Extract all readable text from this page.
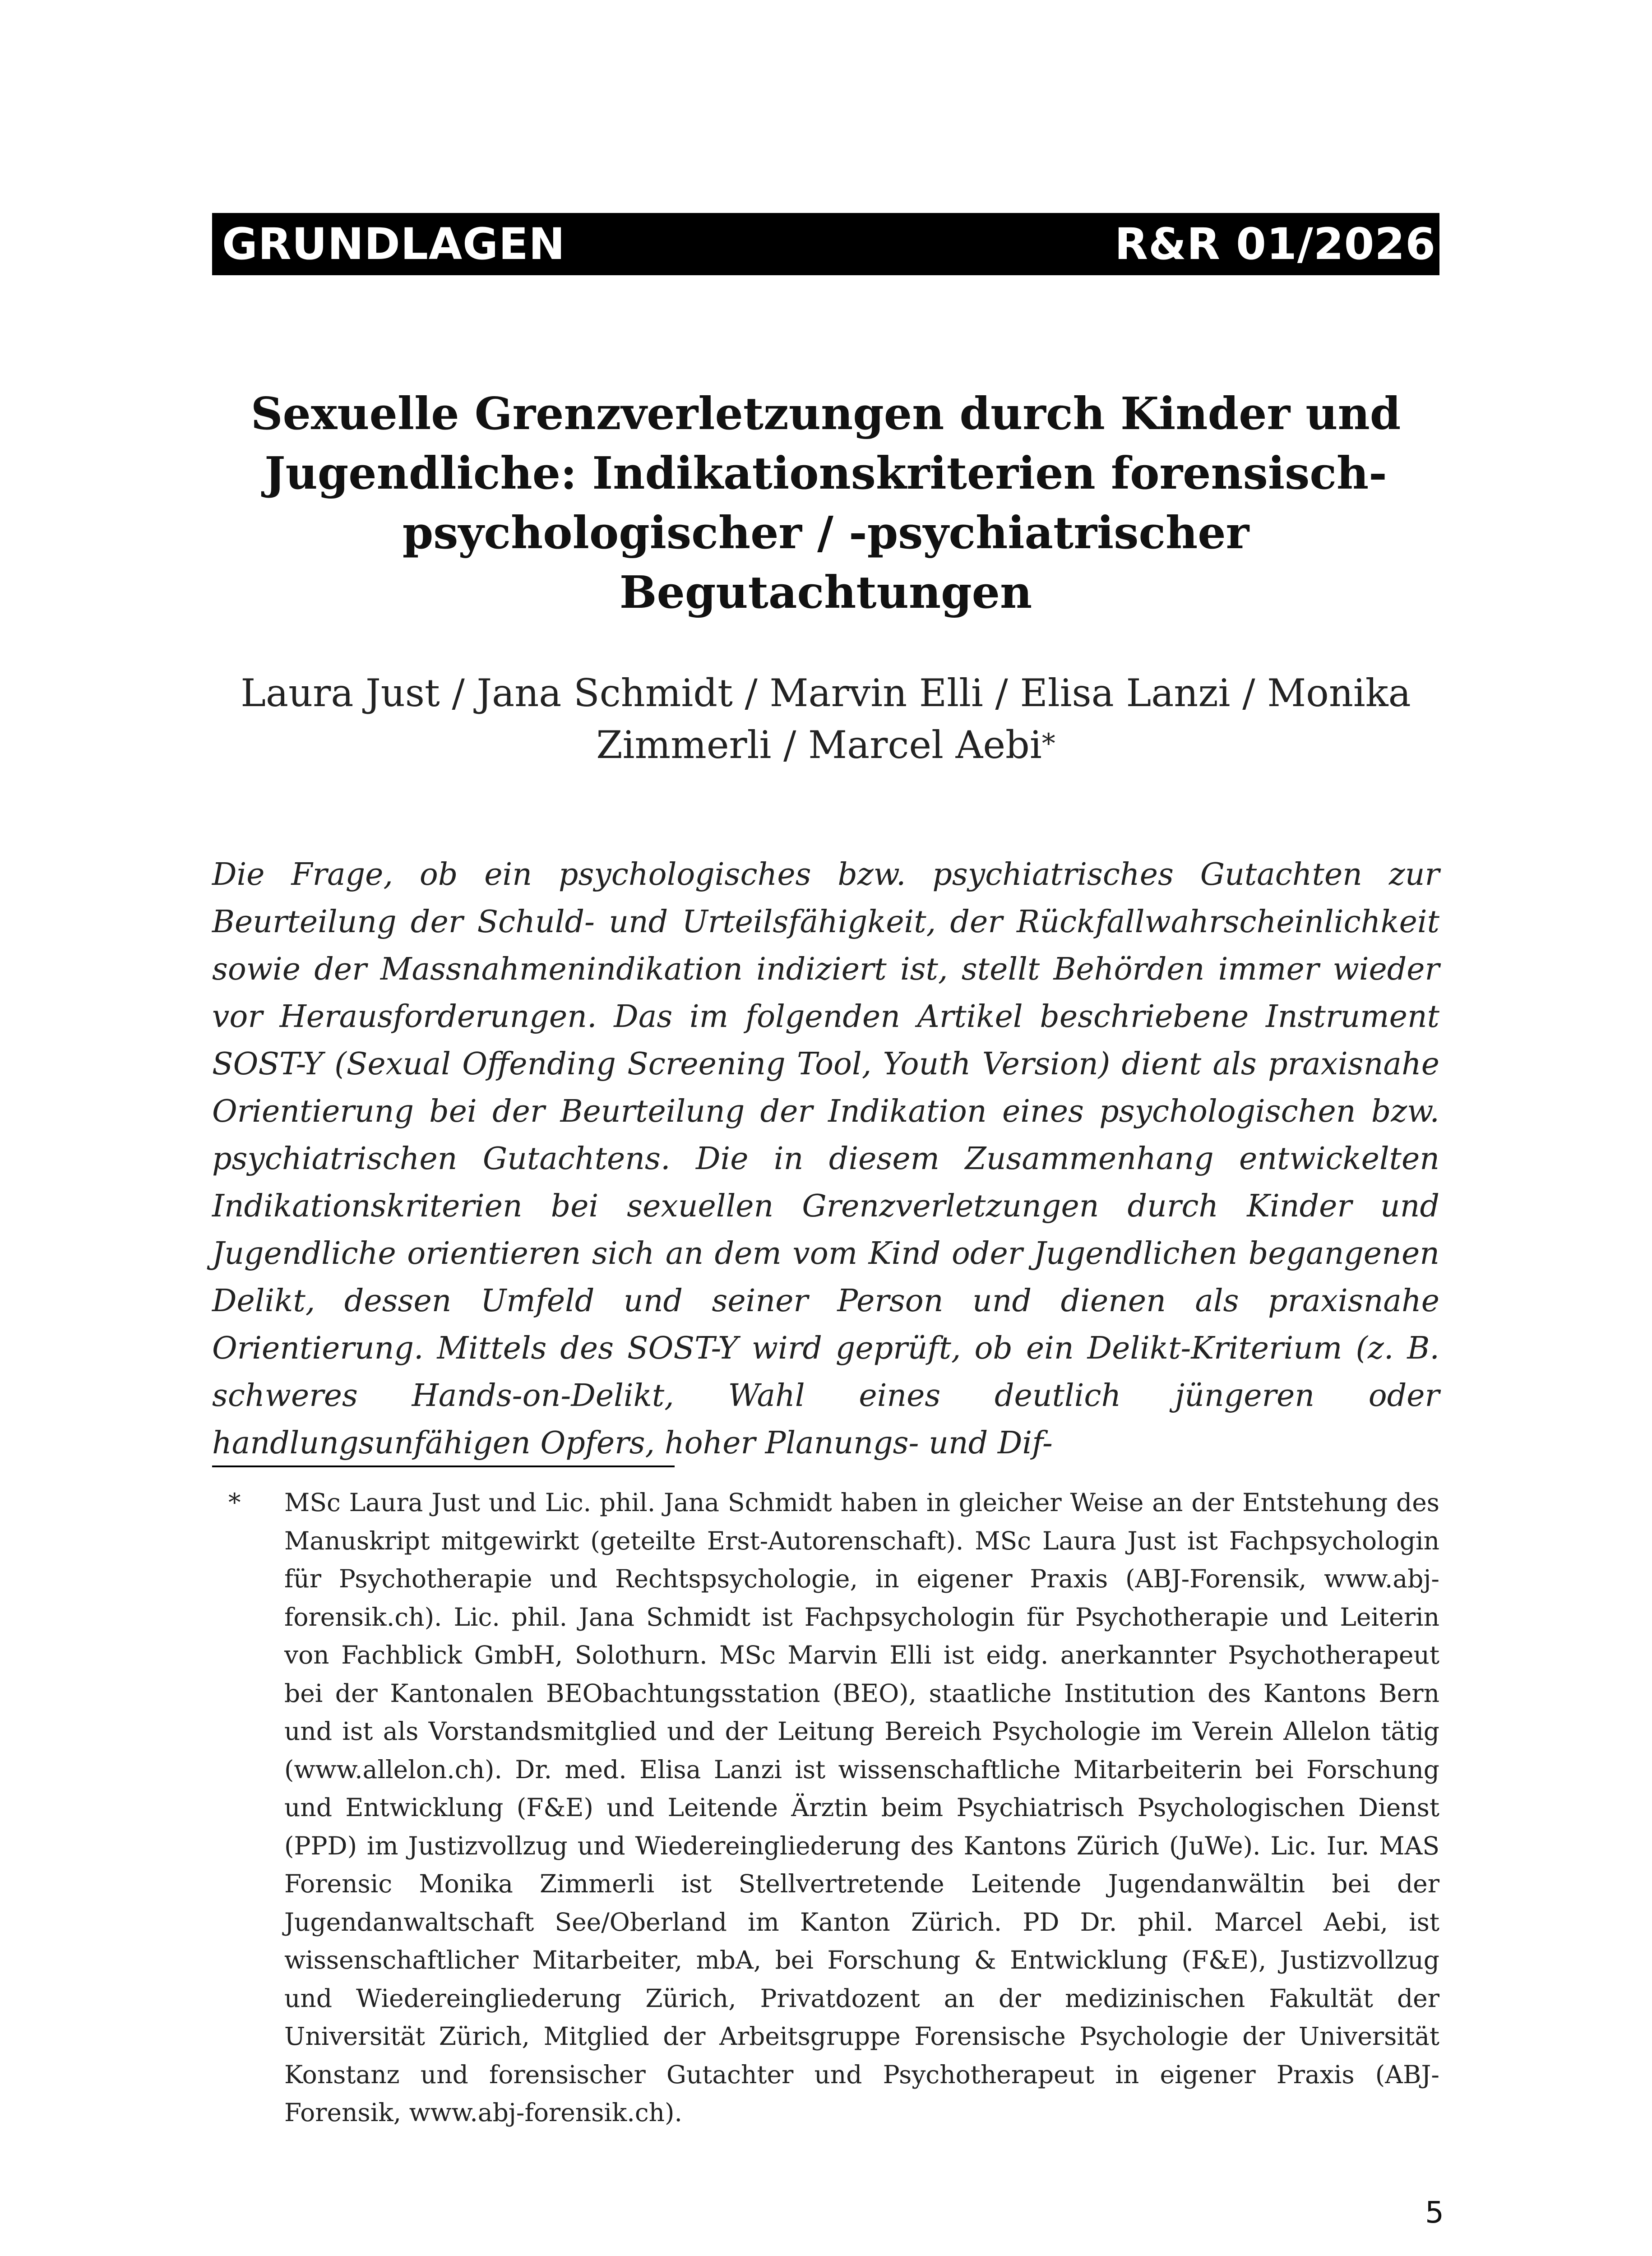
GRUNDLAGEN	R&R 01/2026
Sexuelle Grenzverletzungen durch Kinder und Jugendliche: Indikationskriterien forensisch-psychologischer / -psychiatrischer Begutachtungen
Laura Just / Jana Schmidt / Marvin Elli / Elisa Lanzi / Monika Zimmerli / Marcel Aebi*
Die Frage, ob ein psychologisches bzw. psychiatrisches Gutachten zur Beurteilung der Schuld- und Urteilsfähigkeit, der Rückfallwahrscheinlichkeit sowie der Massnahmenindikation indiziert ist, stellt Behörden immer wieder vor Herausforderungen. Das im folgenden Artikel beschriebene Instrument SOST-Y (Sexual Offending Screening Tool, Youth Version) dient als praxisnahe Orientierung bei der Beurteilung der Indikation eines psychologischen bzw. psychiatrischen Gutachtens. Die in diesem Zusammenhang entwickelten Indikationskriterien bei sexuellen Grenzverletzungen durch Kinder und Jugendliche orientieren sich an dem vom Kind oder Jugendlichen begangenen Delikt, dessen Umfeld und seiner Person und dienen als praxisnahe Orientierung. Mittels des SOST-Y wird geprüft, ob ein Delikt-Kriterium (z. B. schweres Hands-on-Delikt, Wahl eines deutlich jüngeren oder handlungsunfähigen Opfers, hoher Planungs- und Dif-
* MSc Laura Just und Lic. phil. Jana Schmidt haben in gleicher Weise an der Entstehung des Manuskript mitgewirkt (geteilte Erst-Autorenschaft). MSc Laura Just ist Fachpsychologin für Psychotherapie und Rechtspsychologie, in eigener Praxis (ABJ-Forensik, www.abj-forensik.ch). Lic. phil. Jana Schmidt ist Fachpsychologin für Psychotherapie und Leiterin von Fachblick GmbH, Solothurn. MSc Marvin Elli ist eidg. anerkannter Psychotherapeut bei der Kantonalen BEObachtungsstation (BEO), staatliche Institution des Kantons Bern und ist als Vorstandsmitglied und der Leitung Bereich Psychologie im Verein Allelon tätig (www.allelon.ch). Dr. med. Elisa Lanzi ist wissenschaftliche Mitarbeiterin bei Forschung und Entwicklung (F&E) und Leitende Ärztin beim Psychiatrisch Psychologischen Dienst (PPD) im Justizvollzug und Wiedereingliederung des Kantons Zürich (JuWe). Lic. Iur. MAS Forensic Monika Zimmerli ist Stellvertretende Leitende Jugendanwältin bei der Jugendanwaltschaft See/Oberland im Kanton Zürich. PD Dr. phil. Marcel Aebi, ist wissenschaftlicher Mitarbeiter, mbA, bei Forschung & Entwicklung (F&E), Justizvollzug und Wiedereingliederung Zürich, Privatdozent an der medizinischen Fakultät der Universität Zürich, Mitglied der Arbeitsgruppe Forensische Psychologie der Universität Konstanz und forensischer Gutachter und Psychotherapeut in eigener Praxis (ABJ-Forensik, www.abj-forensik.ch).
5
